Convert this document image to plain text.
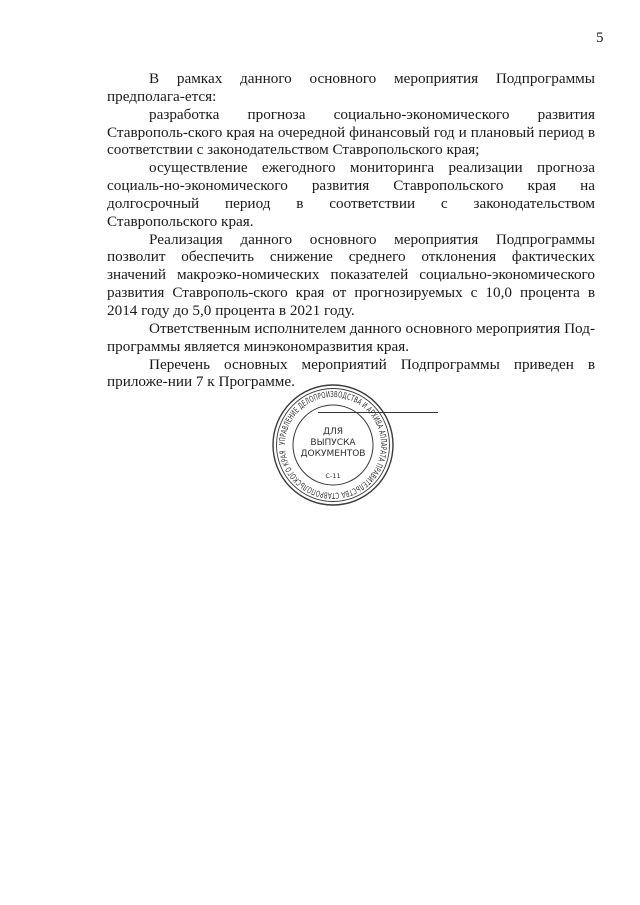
5

В рамках данного основного мероприятия Подпрограммы предполага-ется:

разработка прогноза социально-экономического развития Ставрополь-ского края на очередной финансовый год и плановый период в соответствии с законодательством Ставропольского края;

осуществление ежегодного мониторинга реализации прогноза социаль-но-экономического развития Ставропольского края на долгосрочный период в соответствии с законодательством Ставропольского края.

Реализация данного основного мероприятия Подпрограммы позволит обеспечить снижение среднего отклонения фактических значений макроэко-номических показателей социально-экономического развития Ставрополь-ского края от прогнозируемых с 10,0 процента в 2014 году до 5,0 процента в 2021 году.

Ответственным исполнителем данного основного мероприятия Под-программы является минэкономразвития края.

Перечень основных мероприятий Подпрограммы приведен в приложе-нии 7 к Программе.

УПРАВЛЕНИЕ ДЕЛОПРОИЗВОДСТВА И АРХИВА АППАРАТА ПРАВИТЕЛЬСТВА СТАВРОПОЛЬСКОГО КРАЯ
ДЛЯ
ВЫПУСКА
ДОКУМЕНТОВ
С-11
